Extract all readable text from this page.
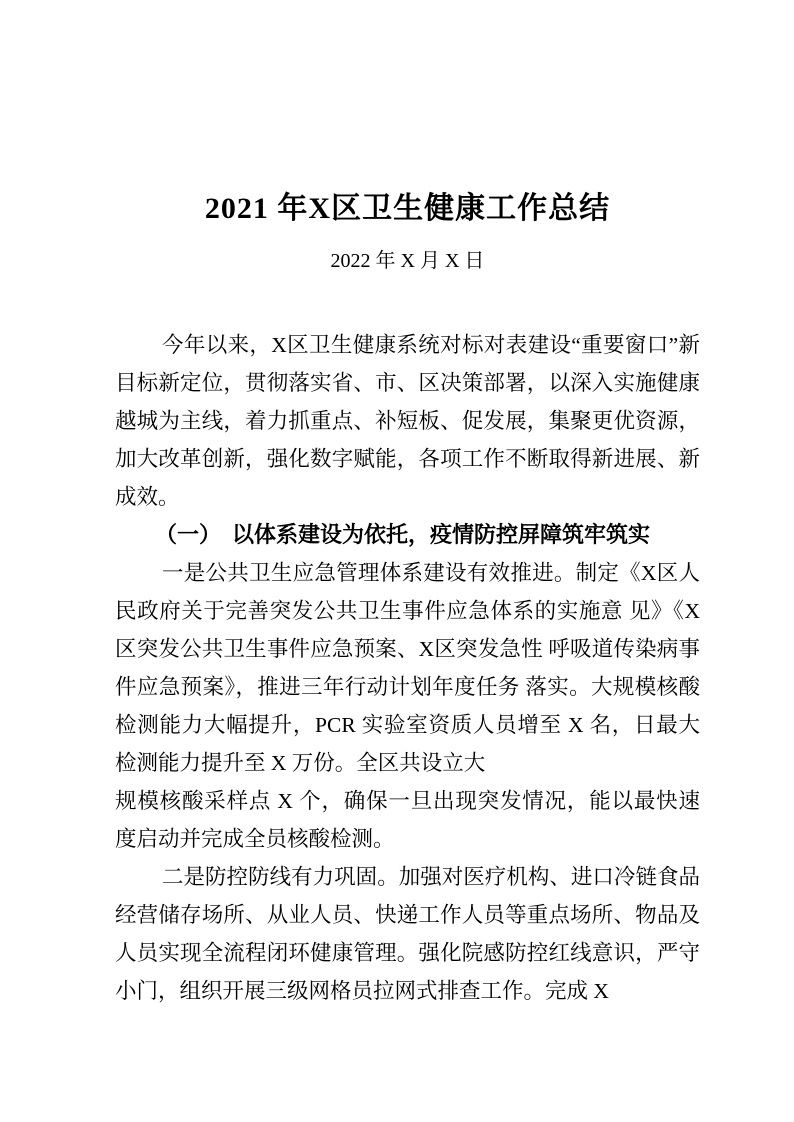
2021 年X区卫生健康工作总结

2022 年 X 月 X 日

今年以来，X区卫生健康系统对标对表建设“重要窗口”新目标新定位，贯彻落实省、市、区决策部署，以深入实施健康越城为主线，着力抓重点、补短板、促发展，集聚更优资源，加大改革创新，强化数字赋能，各项工作不断取得新进展、新成效。

（一）　以体系建设为依托，疫情防控屏障筑牢筑实

一是公共卫生应急管理体系建设有效推进。制定《X区人民政府关于完善突发公共卫生事件应急体系的实施意 见》《X区突发公共卫生事件应急预案、X区突发急性 呼吸道传染病事件应急预案》，推进三年行动计划年度任务 落实。大规模核酸检测能力大幅提升，PCR 实验室资质人员增至 X 名，日最大检测能力提升至 X 万份。全区共设立大

规模核酸采样点 X 个，确保一旦出现突发情况，能以最快速度启动并完成全员核酸检测。

二是防控防线有力巩固。加强对医疗机构、进口冷链食品经营储存场所、从业人员、快递工作人员等重点场所、物品及人员实现全流程闭环健康管理。强化院感防控红线意识，严守小门，组织开展三级网格员拉网式排查工作。完成 X
